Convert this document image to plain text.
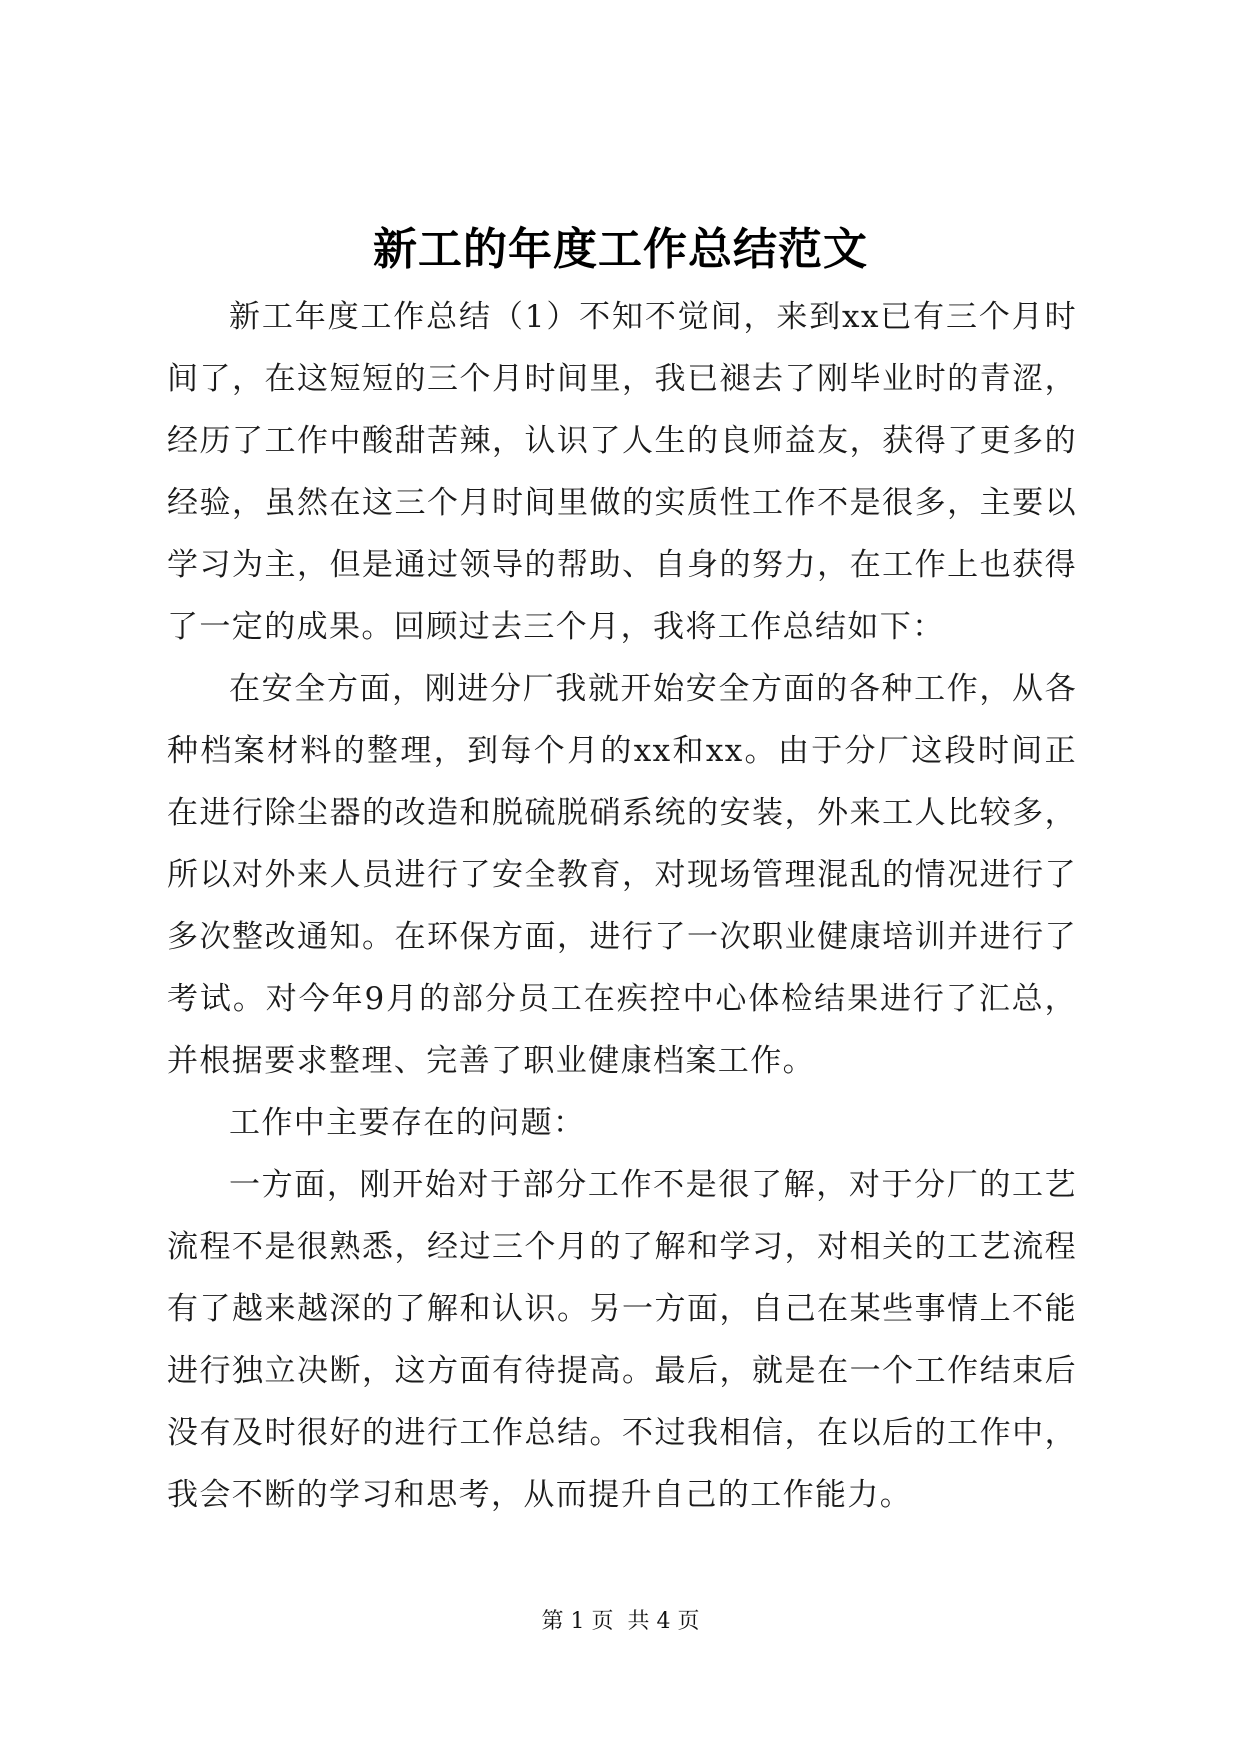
新工的年度工作总结范文

新工年度工作总结（1）不知不觉间，来到xx已有三个月时间了，在这短短的三个月时间里，我已褪去了刚毕业时的青涩，经历了工作中酸甜苦辣，认识了人生的良师益友，获得了更多的经验，虽然在这三个月时间里做的实质性工作不是很多，主要以学习为主，但是通过领导的帮助、自身的努力，在工作上也获得了一定的成果。回顾过去三个月，我将工作总结如下：

在安全方面，刚进分厂我就开始安全方面的各种工作，从各种档案材料的整理，到每个月的xx和xx。由于分厂这段时间正在进行除尘器的改造和脱硫脱硝系统的安装，外来工人比较多，所以对外来人员进行了安全教育，对现场管理混乱的情况进行了多次整改通知。在环保方面，进行了一次职业健康培训并进行了考试。对今年9月的部分员工在疾控中心体检结果进行了汇总，并根据要求整理、完善了职业健康档案工作。

工作中主要存在的问题：

一方面，刚开始对于部分工作不是很了解，对于分厂的工艺流程不是很熟悉，经过三个月的了解和学习，对相关的工艺流程有了越来越深的了解和认识。另一方面，自己在某些事情上不能进行独立决断，这方面有待提高。最后，就是在一个工作结束后没有及时很好的进行工作总结。不过我相信，在以后的工作中，我会不断的学习和思考，从而提升自己的工作能力。

第 1 页  共 4 页
